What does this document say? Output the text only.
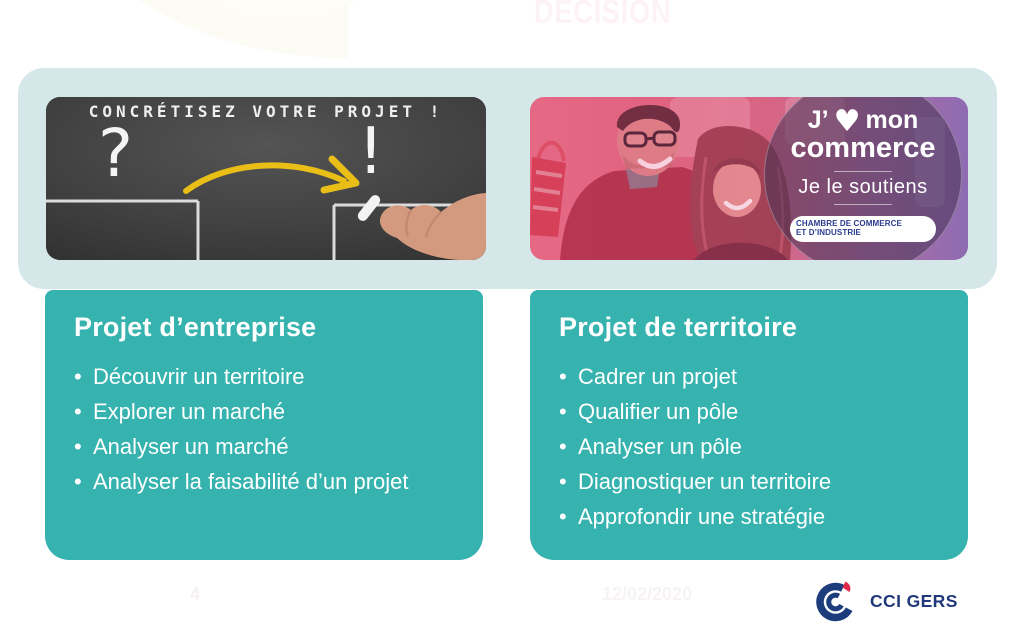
DECISION
4	12/02/2020
CONCRÉTISEZ VOTRE PROJET !
?	!	J’ ♥ mon
commerce
Je le soutiens
CHAMBRE DE COMMERCE
ET D’INDUSTRIE
Projet d’entreprise
• Découvrir un territoire
• Explorer un marché
• Analyser un marché
• Analyser la faisabilité d’un projet
Projet de territoire
• Cadrer un projet
• Qualifier un pôle
• Analyser un pôle
• Diagnostiquer un territoire
• Approfondir une stratégie
CCI GERS
